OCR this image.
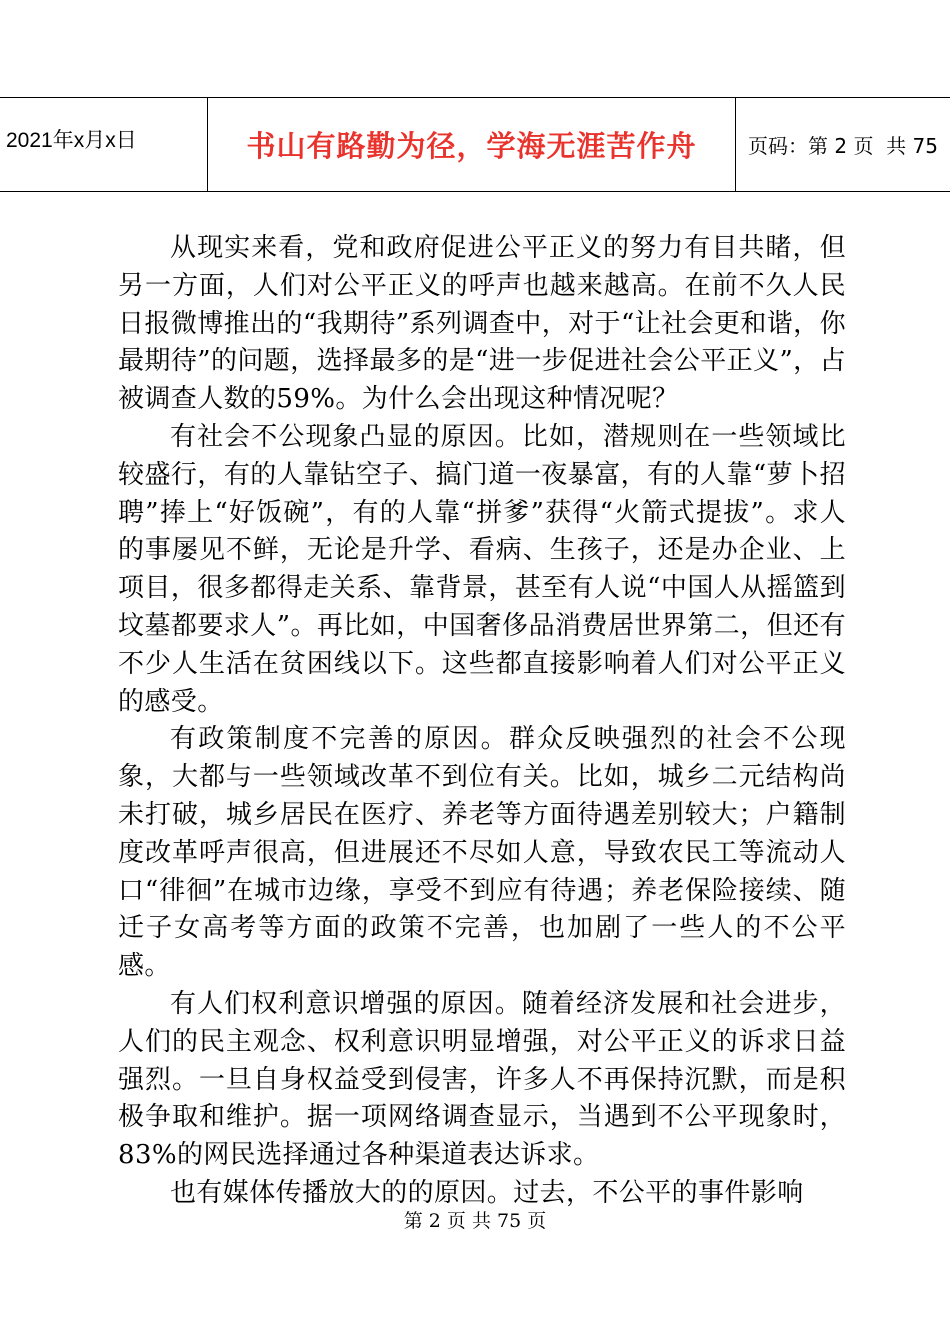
2021年x月x日	书山有路勤为径，学海无涯苦作舟	页码：第 2 页  共 75

从现实来看，党和政府促进公平正义的努力有目共睹，但另一方面，人们对公平正义的呼声也越来越高。在前不久人民日报微博推出的“我期待”系列调查中，对于“让社会更和谐，你最期待”的问题，选择最多的是“进一步促进社会公平正义”，占被调查人数的59%。为什么会出现这种情况呢？

有社会不公现象凸显的原因。比如，潜规则在一些领域比较盛行，有的人靠钻空子、搞门道一夜暴富，有的人靠“萝卜招聘”捧上“好饭碗”，有的人靠“拼爹”获得“火箭式提拔”。求人的事屡见不鲜，无论是升学、看病、生孩子，还是办企业、上项目，很多都得走关系、靠背景，甚至有人说“中国人从摇篮到坟墓都要求人”。再比如，中国奢侈品消费居世界第二，但还有不少人生活在贫困线以下。这些都直接影响着人们对公平正义的感受。

有政策制度不完善的原因。群众反映强烈的社会不公现象，大都与一些领域改革不到位有关。比如，城乡二元结构尚未打破，城乡居民在医疗、养老等方面待遇差别较大；户籍制度改革呼声很高，但进展还不尽如人意，导致农民工等流动人口“徘徊”在城市边缘，享受不到应有待遇；养老保险接续、随迁子女高考等方面的政策不完善，也加剧了一些人的不公平感。

有人们权利意识增强的原因。随着经济发展和社会进步，人们的民主观念、权利意识明显增强，对公平正义的诉求日益强烈。一旦自身权益受到侵害，许多人不再保持沉默，而是积极争取和维护。据一项网络调查显示，当遇到不公平现象时，83%的网民选择通过各种渠道表达诉求。

也有媒体传播放大的的原因。过去，不公平的事件影响

第 2 页 共 75 页
